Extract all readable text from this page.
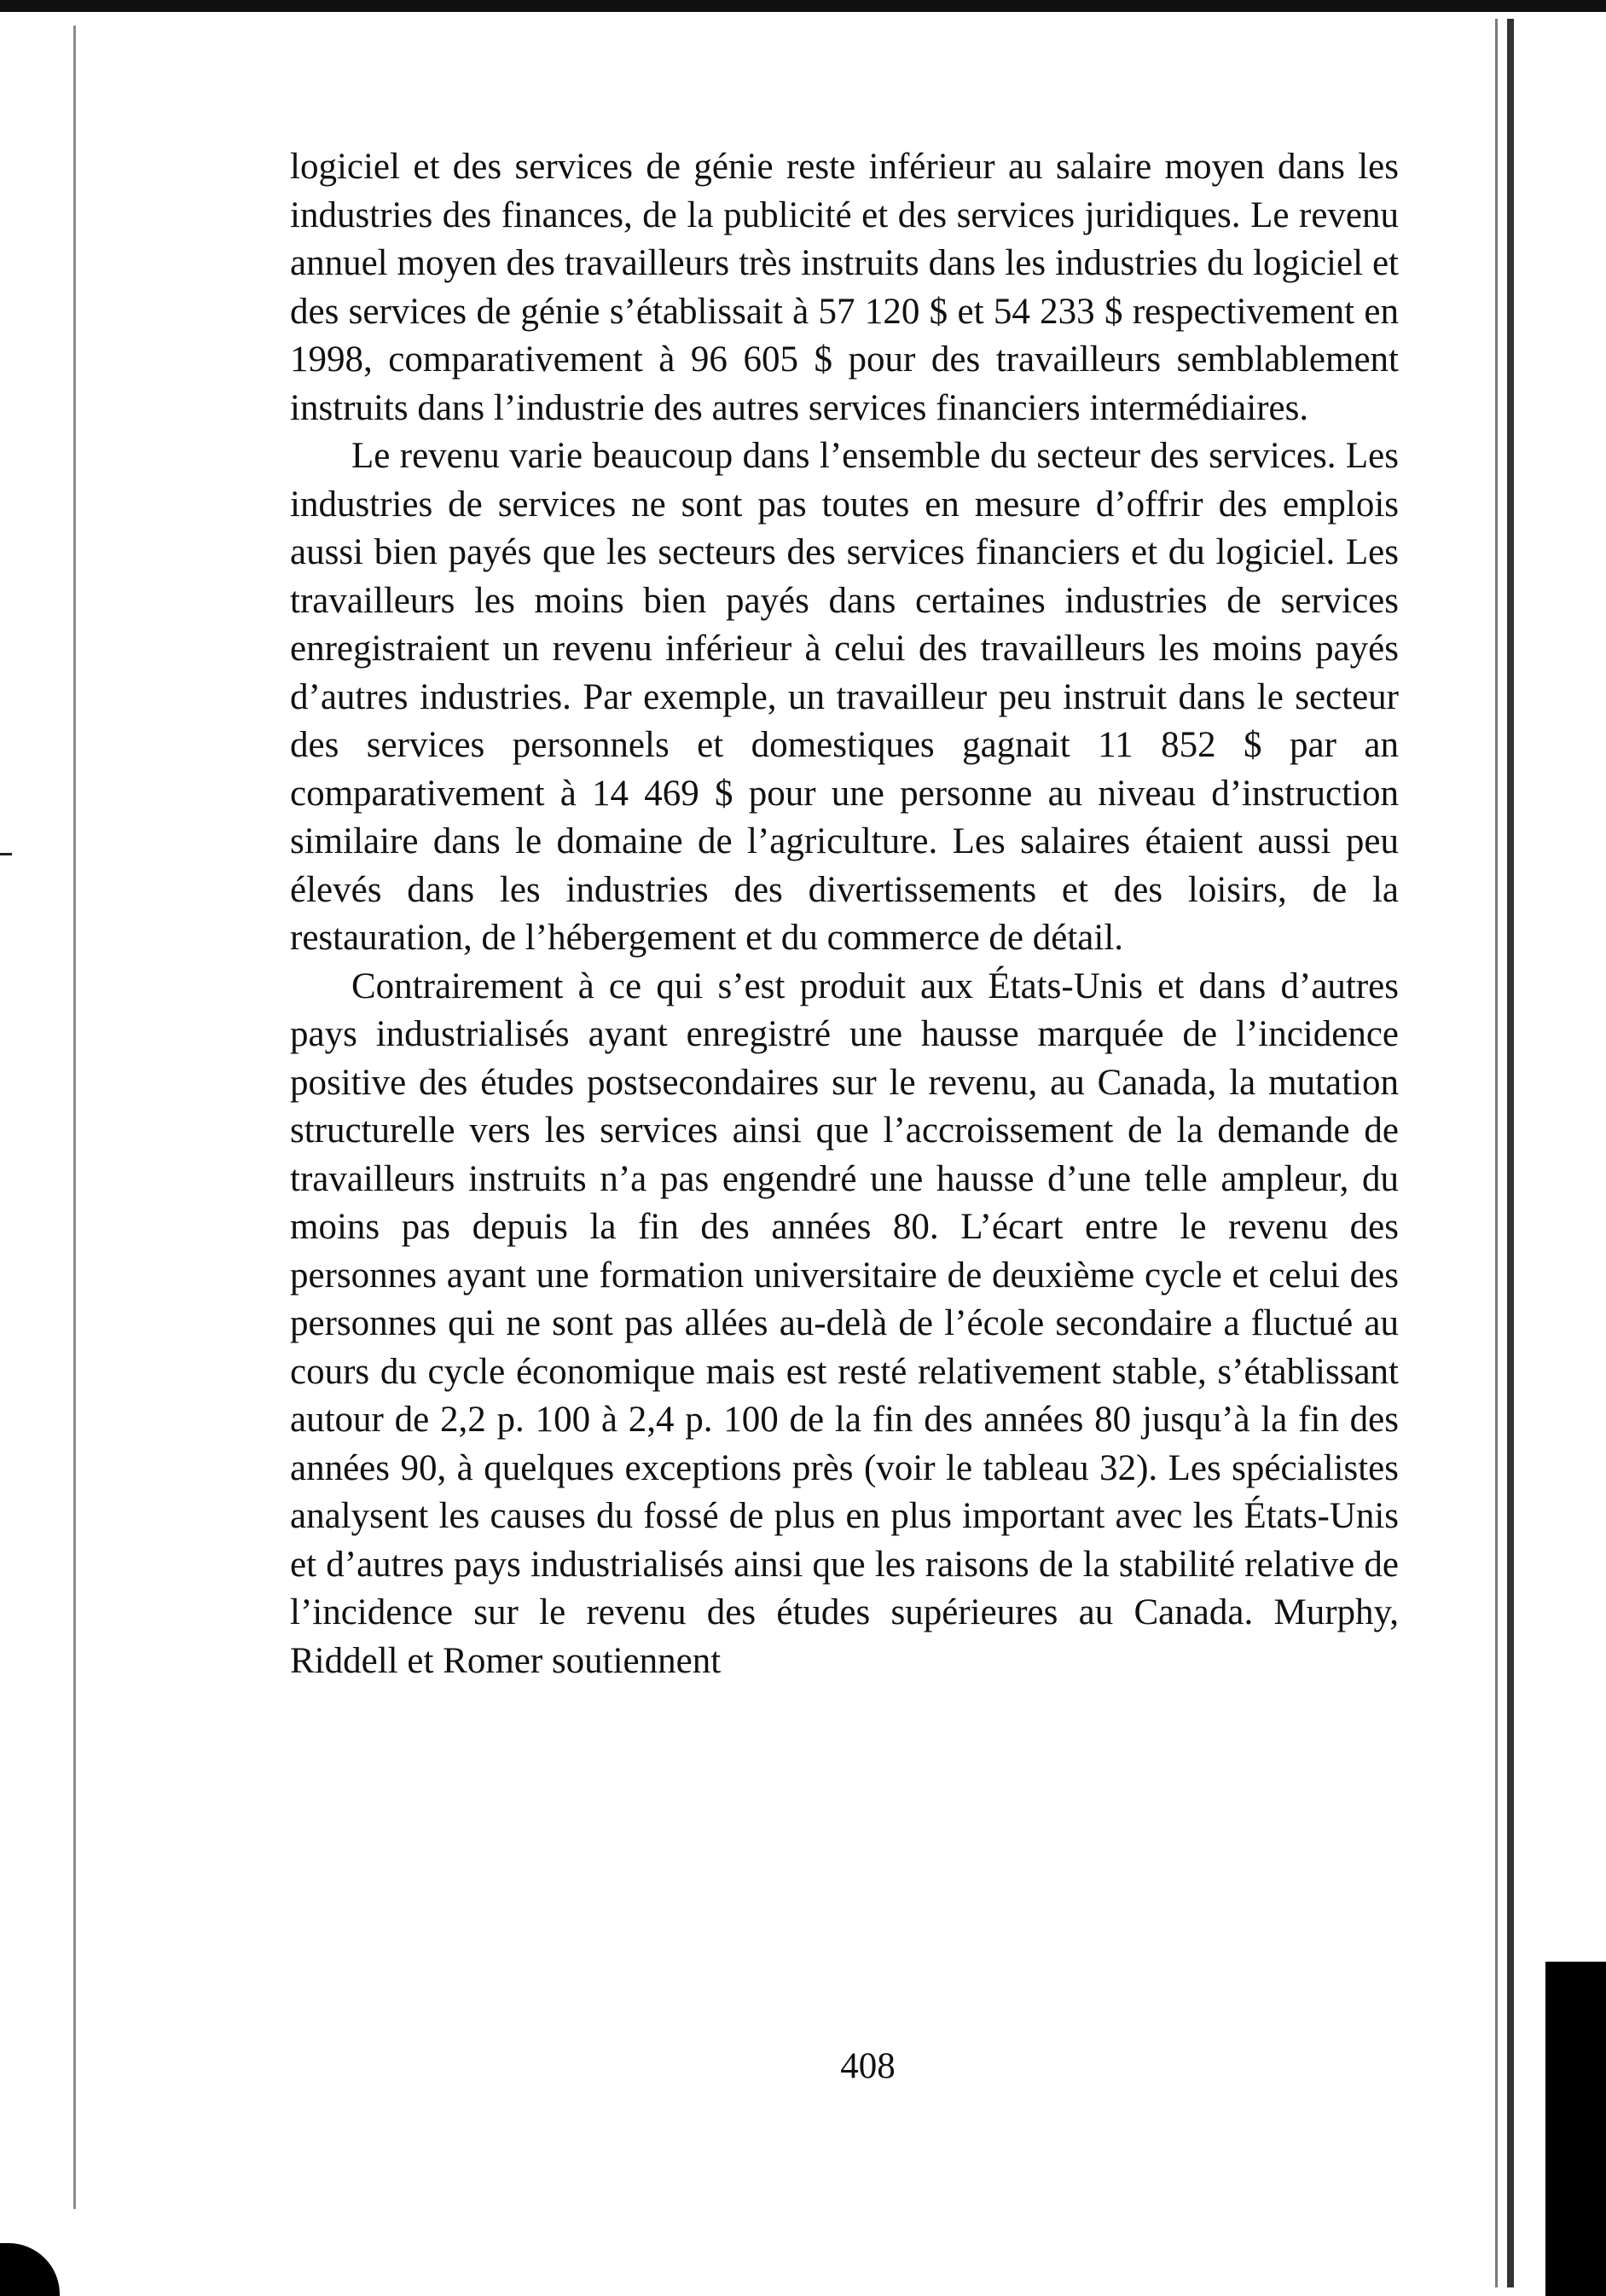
logiciel et des services de génie reste inférieur au salaire moyen dans les industries des finances, de la publicité et des services juridiques. Le revenu annuel moyen des travailleurs très instruits dans les industries du logiciel et des services de génie s’établissait à 57 120 $ et 54 233 $ respectivement en 1998, comparativement à 96 605 $ pour des travailleurs semblablement instruits dans l’industrie des autres services financiers intermédiaires.

Le revenu varie beaucoup dans l’ensemble du secteur des services. Les industries de services ne sont pas toutes en mesure d’offrir des emplois aussi bien payés que les secteurs des services financiers et du logiciel. Les travailleurs les moins bien payés dans certaines industries de services enregistraient un revenu inférieur à celui des travailleurs les moins payés d’autres industries. Par exemple, un travailleur peu instruit dans le secteur des services personnels et domestiques gagnait 11 852 $ par an comparativement à 14 469 $ pour une personne au niveau d’instruction similaire dans le domaine de l’agriculture. Les salaires étaient aussi peu élevés dans les industries des divertissements et des loisirs, de la restauration, de l’hébergement et du commerce de détail.

Contrairement à ce qui s’est produit aux États-Unis et dans d’autres pays industrialisés ayant enregistré une hausse marquée de l’incidence positive des études postsecondaires sur le revenu, au Canada, la mutation structurelle vers les services ainsi que l’accroissement de la demande de travailleurs instruits n’a pas engendré une hausse d’une telle ampleur, du moins pas depuis la fin des années 80. L’écart entre le revenu des personnes ayant une formation universitaire de deuxième cycle et celui des personnes qui ne sont pas allées au-delà de l’école secondaire a fluctué au cours du cycle économique mais est resté relativement stable, s’établissant autour de 2,2 p. 100 à 2,4 p. 100 de la fin des années 80 jusqu’à la fin des années 90, à quelques exceptions près (voir le tableau 32). Les spécialistes analysent les causes du fossé de plus en plus important avec les États-Unis et d’autres pays industrialisés ainsi que les raisons de la stabilité relative de l’incidence sur le revenu des études supérieures au Canada. Murphy, Riddell et Romer soutiennent

408
